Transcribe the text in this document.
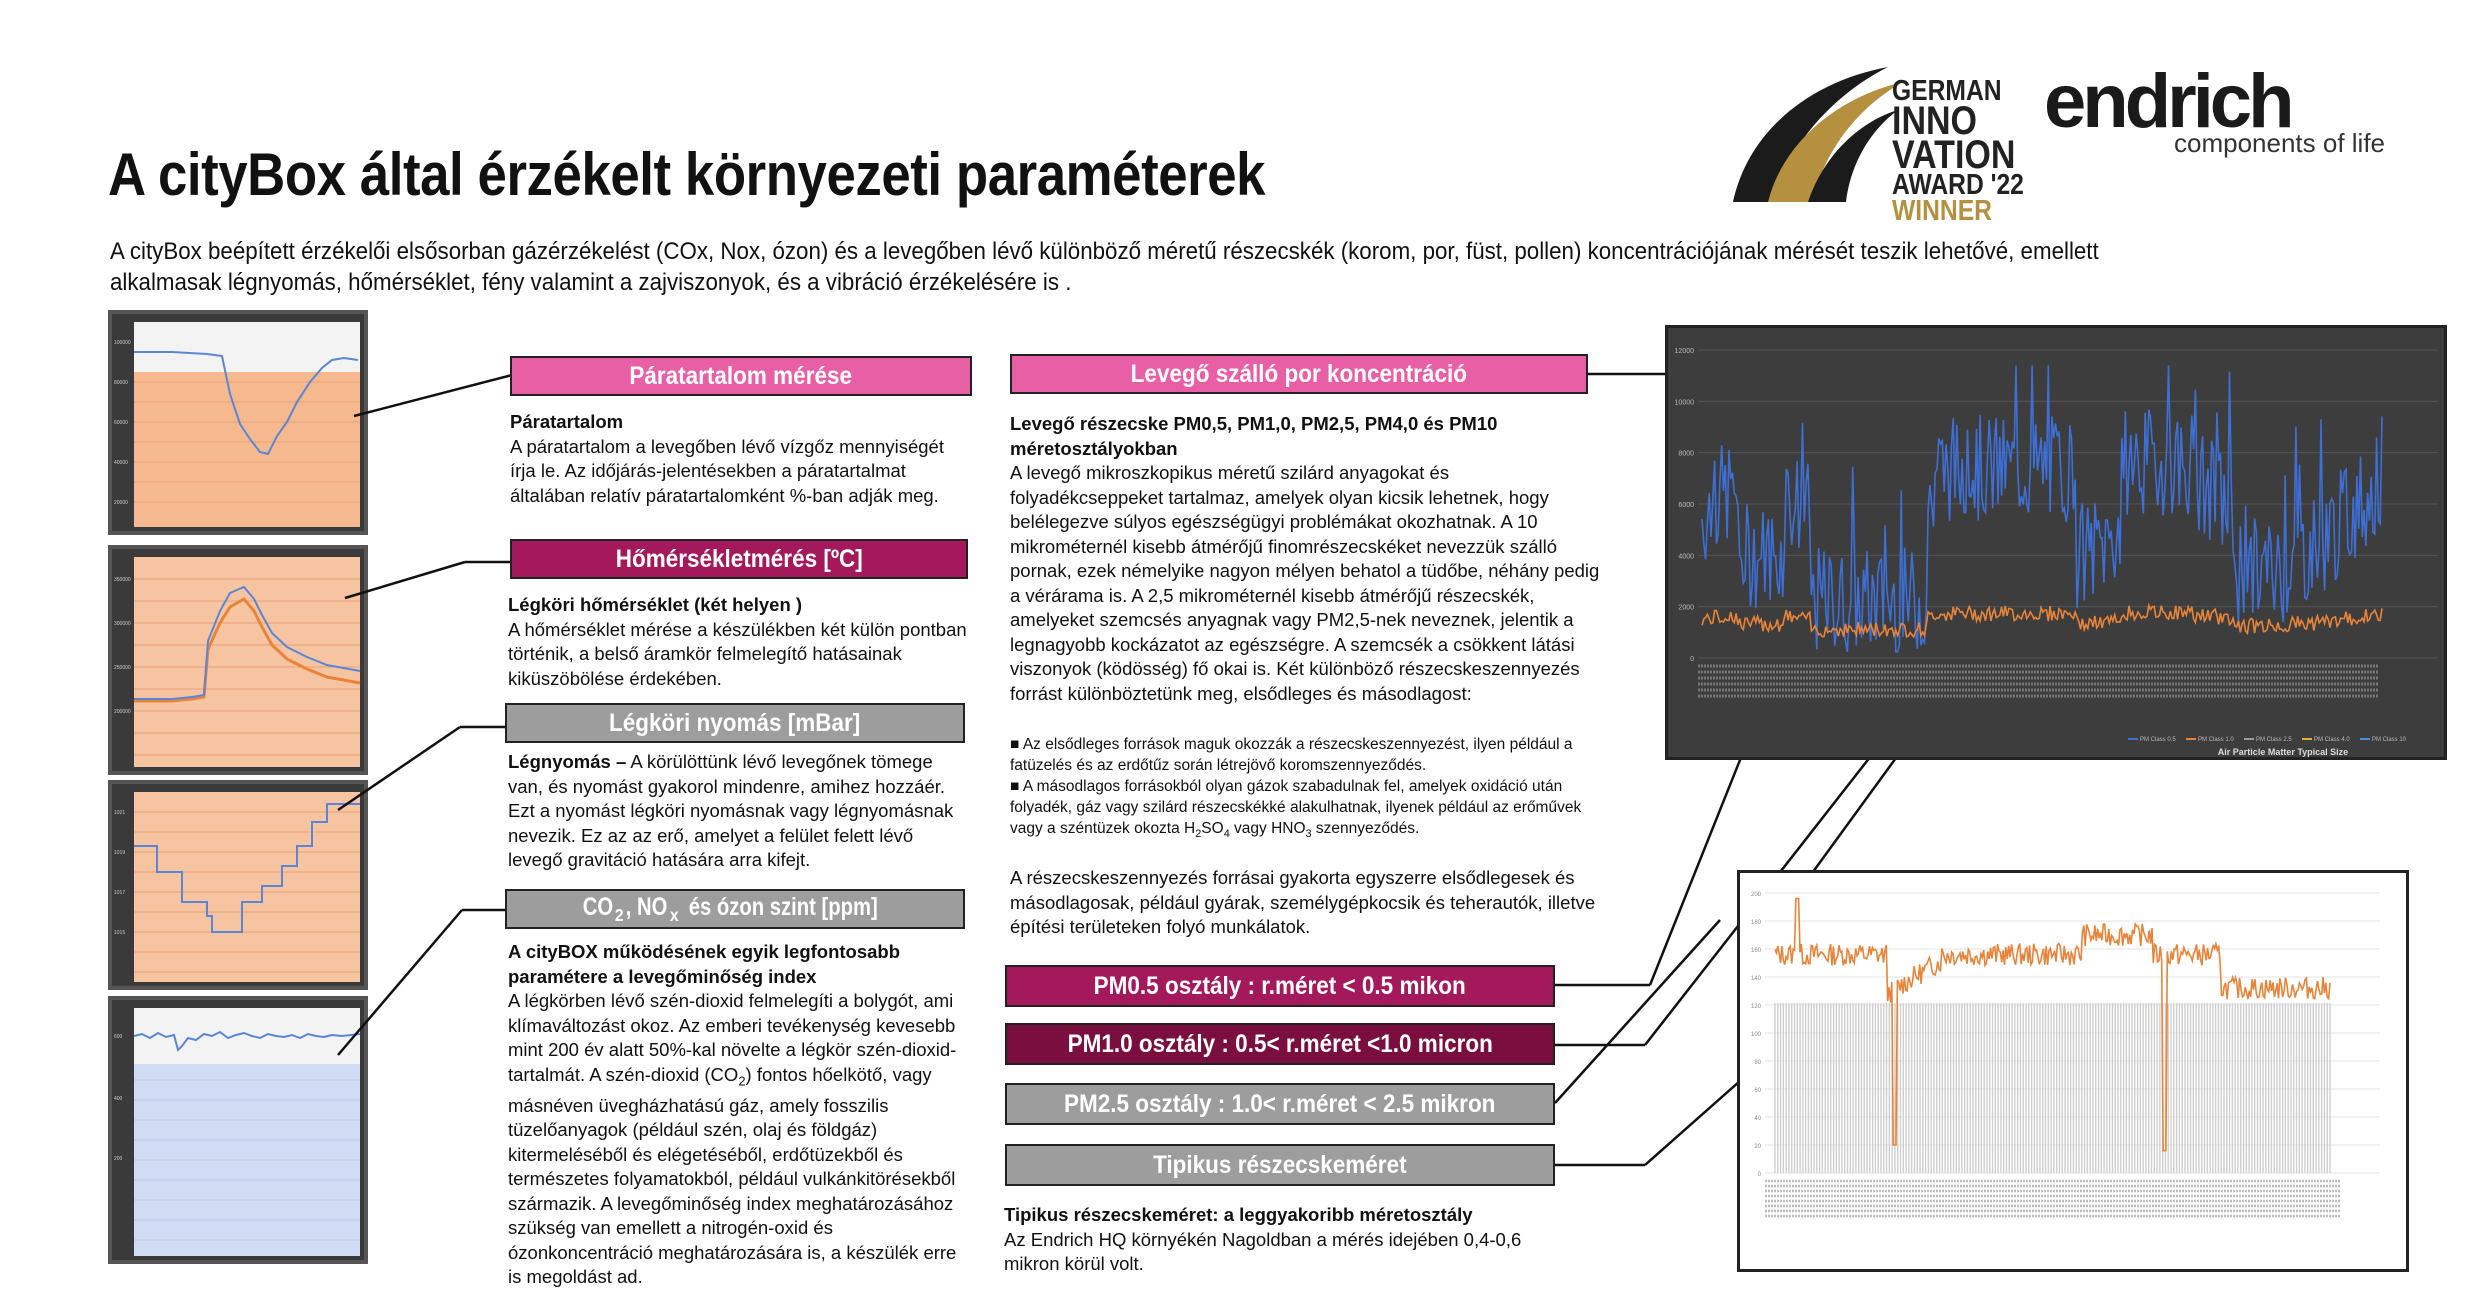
A cityBox által érzékelt környezeti paraméterek
A cityBox beépített érzékelői elsősorban gázérzékelést (COx, Nox, ózon) és a levegőben lévő különböző méretű részecskék (korom, por, füst, pollen) koncentrációjának mérését teszik lehetővé, emellett alkalmasak légnyomás, hőmérséklet, fény valamint a zajviszonyok, és a vibráció érzékelésére is .
GERMAN
INNO
VATION
AWARD '22
WINNER
endrich
components of life
100000
80000
60000
40000
20000
350000
300000
250000
200000
1021
1019
1017
1015
600
400
200
Páratartalom mérése
Páratartalom
A páratartalom a levegőben lévő vízgőz mennyiségét írja le. Az időjárás-jelentésekben a páratartalmat általában relatív páratartalomként %-ban adják meg.
Hőmérsékletmérés [ºC]
Légköri hőmérséklet (két helyen )
A hőmérséklet mérése a készülékben két külön pontban történik, a belső áramkör felmelegítő hatásainak kiküszöbölése érdekében.
Légköri nyomás [mBar]
Légnyomás – A körülöttünk lévő levegőnek tömege van, és nyomást gyakorol mindenre, amihez hozzáér. Ezt a nyomást légköri nyomásnak vagy légnyomásnak nevezik. Ez az az erő, amelyet a felület felett lévő levegő gravitáció hatására arra kifejt.
$CO_2$, NO $_x$és ózon szint [ppm]
A cityBOX működésének egyik legfontosabb paramétere a levegőminőség index
A légkörben lévő szén-dioxid felmelegíti a bolygót, ami klímaváltozást okoz. Az emberi tevékenység kevesebb mint 200 év alatt 50%-kal növelte a légkör szén-dioxid-tartalmát. A szén-dioxid $(CO_2)$ fontos hőelkötő, vagy másnéven üvegházhatású gáz, amely fosszilis tüzelőanyagok (például szén, olaj és földgáz) kitermeléséből és elégetéséből, erdőtüzekből és természetes folyamatokból, például vulkánkitörésekből származik. A levegőminőség index meghatározásához szükség van emellett a nitrogén-oxid és ózonkoncentráció meghatározására is, a készülék erre is megoldást ad.
Levegő szálló por koncentráció
Levegő részecske PM0,5, PM1,0, PM2,5, PM4,0 és PM10 méretosztályokban
A levegő mikroszkopikus méretű szilárd anyagokat és folyadékcseppeket tartalmaz, amelyek olyan kicsik lehetnek, hogy belélegezve súlyos egészségügyi problémákat okozhatnak. A 10 mikrométernél kisebb átmérőjű finomrészecskéket nevezzük szálló pornak, ezek némelyike nagyon mélyen behatol a tüdőbe, néhány pedig a vérárama is. A 2,5 mikrométernél kisebb átmérőjű részecskék, amelyeket szemcsés anyagnak vagy PM2,5-nek neveznek, jelentik a legnagyobb kockázatot az egészségre. A szemcsék a csökkent látási viszonyok (ködösség) fő okai is. Két különböző részecskeszennyezés forrást különböztetünk meg, elsődleges és másodlagost:
■ Az elsődleges források maguk okozzák a részecskeszennyezést, ilyen például a fatüzelés és az erdőtűz során létrejövő koromszennyeződés.
■ A másodlagos forrásokból olyan gázok szabadulnak fel, amelyek oxidáció után folyadék, gáz vagy szilárd részecskékké alakulhatnak, ilyenek például az erőművek vagy a széntüzek okozta $H_2SO_4$ vagy $HNO_3$ szennyeződés.
A részecskeszennyezés forrásai gyakorta egyszerre elsődlegesek és másodlagosak, például gyárak, személygépkocsik és teherautók, illetve építési területeken folyó munkálatok.
PM0.5 osztály : r.méret < 0.5 mikon
PM1.0 osztály : 0.5< r.méret <1.0 micron
PM2.5 osztály : 1.0< r.méret < 2.5 mikron
Tipikus részecskeméret
Tipikus részecskeméret: a leggyakoribb méretosztály
Az Endrich HQ környékén Nagoldban a mérés idejében 0,4-0,6 mikron körül volt.
12000
10000
8000
6000
4000
2000
0
PM Class 0.5	PM Class 1.0	PM Class 2.5	PM Class 4.0	PM Class 10
Air Particle Matter Typical Size
200
180
160
140
120
100
80
60
40
20
0
